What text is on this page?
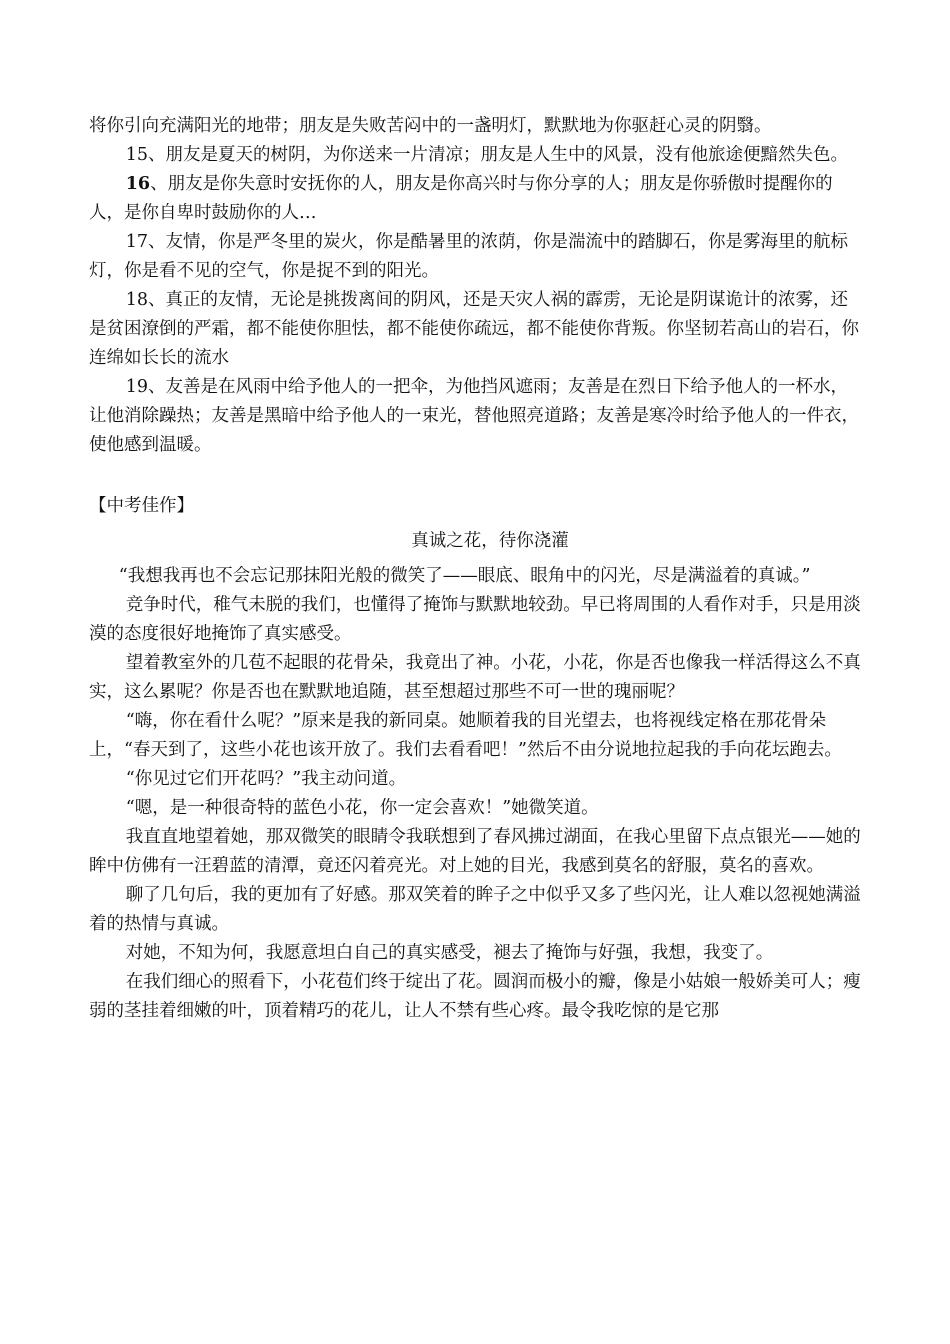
将你引向充满阳光的地带；朋友是失败苦闷中的一盏明灯，默默地为你驱赶心灵的阴翳。

15、朋友是夏天的树阴，为你送来一片清凉；朋友是人生中的风景，没有他旅途便黯然失色。

16、朋友是你失意时安抚你的人，朋友是你高兴时与你分享的人；朋友是你骄傲时提醒你的人，是你自卑时鼓励你的人…

17、友情，你是严冬里的炭火，你是酷暑里的浓荫，你是湍流中的踏脚石，你是雾海里的航标灯，你是看不见的空气，你是捉不到的阳光。

18、真正的友情，无论是挑拨离间的阴风，还是天灾人祸的霹雳，无论是阴谋诡计的浓雾，还是贫困潦倒的严霜，都不能使你胆怯，都不能使你疏远，都不能使你背叛。你坚韧若高山的岩石，你连绵如长长的流水

19、友善是在风雨中给予他人的一把伞，为他挡风遮雨；友善是在烈日下给予他人的一杯水，让他消除躁热；友善是黑暗中给予他人的一束光，替他照亮道路；友善是寒冷时给予他人的一件衣，使他感到温暖。

【中考佳作】

真诚之花，待你浇灌

“我想我再也不会忘记那抹阳光般的微笑了——眼底、眼角中的闪光，尽是满溢着的真诚。”

竞争时代，稚气未脱的我们，也懂得了掩饰与默默地较劲。早已将周围的人看作对手，只是用淡漠的态度很好地掩饰了真实感受。

望着教室外的几苞不起眼的花骨朵，我竟出了神。小花，小花，你是否也像我一样活得这么不真实，这么累呢？你是否也在默默地追随，甚至想超过那些不可一世的瑰丽呢？

“嗨，你在看什么呢？”原来是我的新同桌。她顺着我的目光望去，也将视线定格在那花骨朵上，“春天到了，这些小花也该开放了。我们去看看吧！”然后不由分说地拉起我的手向花坛跑去。

“你见过它们开花吗？”我主动问道。

“嗯，是一种很奇特的蓝色小花，你一定会喜欢！”她微笑道。

我直直地望着她，那双微笑的眼睛令我联想到了春风拂过湖面，在我心里留下点点银光——她的眸中仿佛有一汪碧蓝的清潭，竟还闪着亮光。对上她的目光，我感到莫名的舒服，莫名的喜欢。

聊了几句后，我的更加有了好感。那双笑着的眸子之中似乎又多了些闪光，让人难以忽视她满溢着的热情与真诚。

对她，不知为何，我愿意坦白自己的真实感受，褪去了掩饰与好强，我想，我变了。

在我们细心的照看下，小花苞们终于绽出了花。圆润而极小的瓣，像是小姑娘一般娇美可人；瘦弱的茎挂着细嫩的叶，顶着精巧的花儿，让人不禁有些心疼。最令我吃惊的是它那
